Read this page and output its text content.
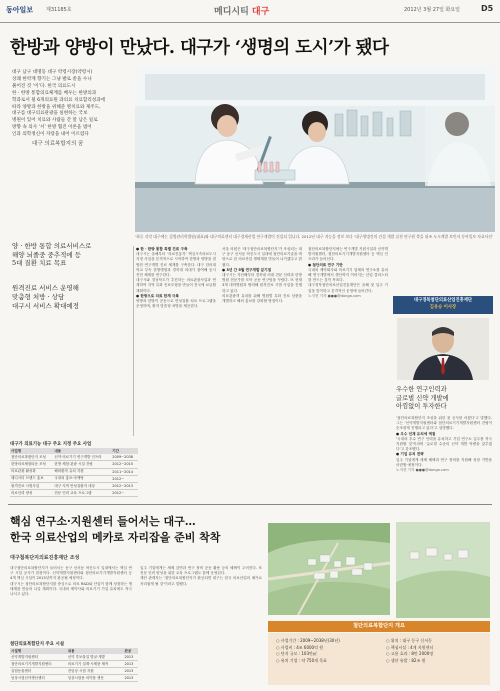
동아일보	제31185호	메디시티 대구	2012년 3월 27일 화요일	D5
한방과 양방이 만났다. 대구가 ‘생명의 도시’가 됐다

대구 남구 대명동 대구 약령시장(약령시)

상쾌 한약재 향기는 그냥 발로 쏟을 수나

붉어진 것 ‘이’다. 한국 의료도시

한 · 한방 통합의료체계를 배우는 한방의과

학과로서 될 6개의료원 과의료 치료합리성과에

따라 양방과 한방을 위해준 병치료와 제주도,

대구를 대구의료관광을 실현하는 국보

병원이 있어 치료와 사람들 간 알 남은 일로

방향 속 의사 ‘서’ 한방 협진 이론을 범어

인과 의학정신이 자랑을 내어 이르렀다

대구 의료복합지의 꿈
‘하루 각각 대구에는 질병관리학법원(대표)와 대구의료센터 대구경제산업 연구개발이 건설되 입니다. 2012년 대구 지능을 정보 보다 ‘대구생명건의 건설 개발 실천 연구원 측을 위조 도시개발 보인자 동아일보 자료사진’
양 · 한방 통합 의료서비스로
해양 뇌졸중 중추적에 등
5대 질환 치료 목표
원격진료 서비스 운영해
맞춤형 처방 · 상담
대구시 서비스 확대예정
● 한 · 한방 통합 특별 진료 구축
대구시는 올해부터 ‘의료진흥자’ 핵심시속의료도시 지정 사업을 본격적으로 시작하여 한방과 양방을 결합한 연구개발 진료 체계를 구축한다. 대구 한의대학교 부속 한방병원과 경북대 의대가 참여해 동시 진단 체계를 연구한다.
대구시와 경상북도가 추진하는 의료관광사업과 연계하여 지역 특화 진료모형을 만들어 전국에 보급할 계획이다.
● 한방으로 치료 한계 극복
양방과 한방이 공동으로 만성질환 치료 프로그램을 운영하며, 환자 맞춤형 처방을 제공한다.
서울 의원은 ‘대구첨단의료복합단지’가 조성되는 대구 동구 신서동 혁신도시 일대에 첨단의료기술을 바탕으로 한 의료산업 생태계를 만들어 나가겠다고 밝혔다.
● 3년 간 5월 연구개발 분기점
대구시는 지난해부터 경북대 의대 전문 인력과 한방병원 전문가를 모아 공동 연구팀을 꾸렸다. 또 현재 3개 대학병원과 협력해 원격진료 시범 사업을 진행하고 있다.
의료관광객 유치를 위해 병원별 특화 진료 상품을 개발하고 해외 홍보를 강화할 방침이다.
첨단의료복합단지에는 연구개발 지원시설과 신약개발지원센터, 첨단의료기기개발지원센터 등 핵심 인프라가 들어선다.
● 첨단의료 연구 기반
국내외 제약회사와 의료기기 업체의 연구소를 유치해 연구개발에서 생산까지 이어지는 산업 클러스터를 만드는 것이 목표다.
대구경북첨단의료산업진흥재단은 올해 첫 입주 기업을 맞이하고 본격적인 운영에 들어간다.
노지현 기자 ●●●@donga.com
대구경북첨단의료산업진흥재단
김유승 이사장
우수한 연구인력과
글로벌 신약 개발에
아낌없이 투자한다
‘첨단의료복합단지 조성을 위한 첫 공사를 마쳤다’고 말했다. 그는 ‘신약개발지원센터와 첨단의료기기개발지원센터 건립이 순조롭게 진행되고 있다’고 설명했다.
● 우수 인재 유치에 역점
‘국내외 우수 연구 인력을 유치하고 기업 연구소 입주를 적극 지원할 것’이라며 ‘글로벌 수준의 신약 개발 역량을 갖추겠다’고 강조했다.
● 기업 유치 전략
입주 기업에게 세제 혜택과 연구 장비를 지원해 성장 기반을 마련할 예정이다.
노지현 기자 ●●●@donga.com
대구가 의료기능 대구 주요 지정 주요 사업
사업명	내용	기간
첨단의료복합단지 조성	신약·의료기기 연구개발 인프라	2009~2038
한방의료체험타운 조성	한방 체험·관광 시설 건립	2012~2015
의료관광 활성화	해외환자 유치 지원	2011~2014
메디시티 브랜드 홍보	국내외 홍보·마케팅	2012~
원격진료 시범사업	대구 지역 만성질환자 대상	2012~2013
의료인력 양성	전문 인력 교육 프로그램	2012~
핵심 연구소·지원센터 들어서는 대구…
한국 의료산업의 메카로 자리잡을 준비 착착
대구첨복단지의료진흥재단 조성
대구첨단의료복합단지가 들어서는 동구 신서동 혁신도시 일대에서는 핵심 연구 시설 공사가 한창이다. 신약개발지원센터와 첨단의료기기개발지원센터 등 4개 핵심 시설이 2013년까지 완공될 예정이다.
대구시는 첨단의료복합단지를 중심으로 의료 R&D와 산업이 함께 성장하는 생태계를 만들어 나갈 계획이다. 국내외 제약사와 의료기기 기업 유치에도 적극 나서고 있다.
입주 기업에게는 세제 감면과 연구 장비 공동 활용 등의 혜택이 주어진다. 또 전문 인력 양성을 위한 교육 프로그램도 함께 운영된다.
재단 관계자는 ‘첨단의료복합단지가 완공되면 대구는 한국 의료산업의 메카로 자리잡게 될 것’이라고 말했다.
첨단의료복합단지 개요
○ 사업기간 : 2009~2038년(30년)
○ 사업비 : 4조 6000억 원
○ 단지 규모 : 103만㎡
○ 유치 기업 : 약 750개 목표
○ 위치 : 대구 동구 신서동
○ 핵심시설 : 4개 지원센터
○ 고용 효과 : 8만 2000명
○ 생산 유발 : 82조 원
첨단의료복합단지 주요 시설
시설명	내용	완공
신약개발지원센터	신약 후보물질 발굴·개발	2013
첨단의료기기개발지원센터	의료기기 설계·시제품 제작	2013
실험동물센터	전임상 시험 지원	2013
임상시험신약생산센터	임상시험용 의약품 생산	2013
